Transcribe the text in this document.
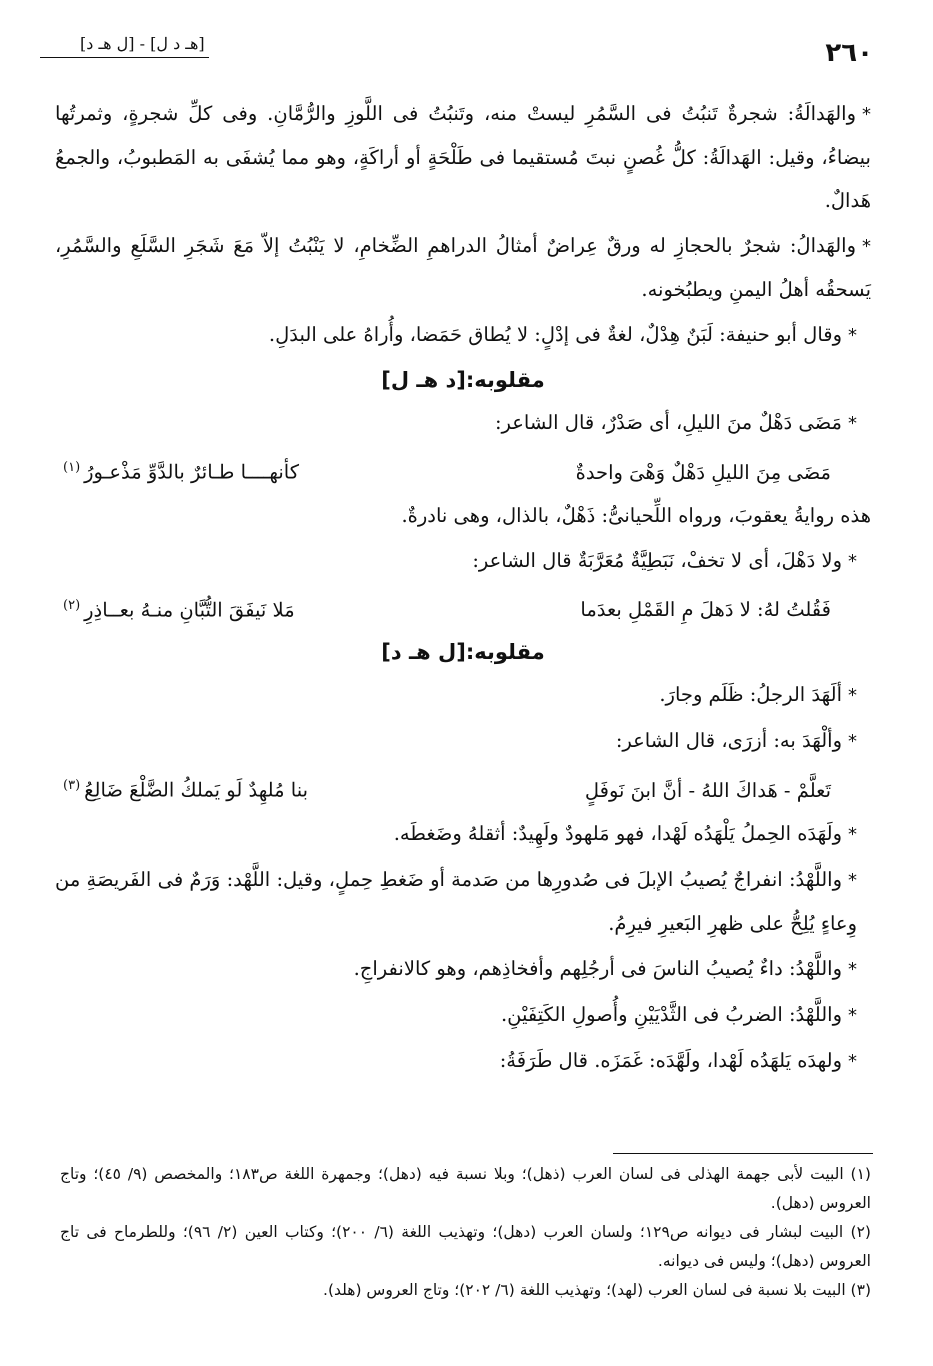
٢٦٠
[هـ د ل] - [ل هـ د]

*والهَدالَةُ: شجرةٌ تَنبُتُ فى السَّمُرِ ليستْ منه، وتَنبُتُ فى اللَّوزِ والرُّمَّانِ. وفى كلِّ شجرةٍ، وثمرتُها بيضاءُ، وقيل: الهَدالَةُ: كلُّ غُصنٍ نبتَ مُستقيما فى طَلْحَةٍ أو أراكَةٍ، وهو مما يُشفَى به المَطبوبُ، والجمعُ هَدالٌ.

*والهَدالُ: شجرٌ بالحجازِ له ورقٌ عِراضٌ أمثالُ الدراهمِ الضِّخامِ، لا يَنْبُتُ إلاّ مَعَ شَجَرِ السَّلَعِ والسَّمُرِ، يَسحقُه أهلُ اليمنِ ويطبُخونه.

*وقال أبو حنيفة: لَبَنٌ هِدْلٌ، لغةٌ فى إدْلٍ: لا يُطاق حَمَضا، وأُراهُ على البدَلِ.

مقلوبه:[د هـ ل]

*مَضَى دَهْلٌ منَ الليلِ، أى صَدْرٌ، قال الشاعر:

مَضَى مِنَ الليلِ دَهْلٌ وَهْىَ واحدةٌ
كأنهــــا طـائرٌ بالدَّوِّ مَذْعـورُ$^{(١)}$

هذه روايةُ يعقوبَ، ورواه اللِّحيانىُّ: ذَهْلٌ، بالذال، وهى نادرةٌ.

*ولا دَهْلَ، أى لا تخفْ، نَبَطِيَّةٌ مُعَرَّبَةٌ قال الشاعر:

فَقُلتُ لهُ: لا دَهلَ مِ القَمْلِ بعدَما
مَلا نَيفَقَ التُّبَّانِ منـهُ بعــاذِرِ$^{(٢)}$

مقلوبه:[ل هـ د]

*ألَهَدَ الرجلُ: ظَلَم وجارَ.

*وألْهَدَ به: أزرَى، قال الشاعر:

تَعلَّمْ - هَداكَ اللهُ - أنَّ ابنَ نَوفَلٍ
بنا مُلهِدٌ لَو يَملكُ الضَّلْعَ ضَالِعُ$^{(٣)}$

*ولَهَدَه الحِملُ يَلْهَدُه لَهْدا، فهو مَلهودٌ ولَهِيدٌ: أثقلهُ وضَغطَه.

*واللَّهْدُ: انفراجٌ يُصيبُ الإبلَ فى صُدورِها من صَدمة أو ضَغطِ حِملٍ، وقيل: اللَّهْد: وَرَمٌ فى الفَريصَةِ من وِعاءٍ يُلِحُّ على ظهرِ البَعيرِ فيرِمُ.

*واللَّهْدُ: داءٌ يُصيبُ الناسَ فى أرجُلِهم وأفخاذِهم، وهو كالانفراجِ.

*واللَّهْدُ: الضربُ فى الثَّدْيَيْنِ وأُصولِ الكَتِفَيْنِ.

*ولهدَه يَلهَدُه لَهْدا، ولَهَّدَه: غَمَزَه. قال طَرَفَةُ:

(١) البيت لأبى جهمة الهذلى فى لسان العرب (ذهل)؛ وبلا نسبة فيه (دهل)؛ وجمهرة اللغة ص١٨٣؛ والمخصص (٩/ ٤٥)؛ وتاج العروس (دهل).

(٢) البيت لبشار فى ديوانه ص١٢٩؛ ولسان العرب (دهل)؛ وتهذيب اللغة (٦/ ٢٠٠)؛ وكتاب العين (٢/ ٩٦)؛ وللطرماح فى تاج العروس (دهل)؛ وليس فى ديوانه.

(٣) البيت بلا نسبة فى لسان العرب (لهد)؛ وتهذيب اللغة (٦/ ٢٠٢)؛ وتاج العروس (هلد).
